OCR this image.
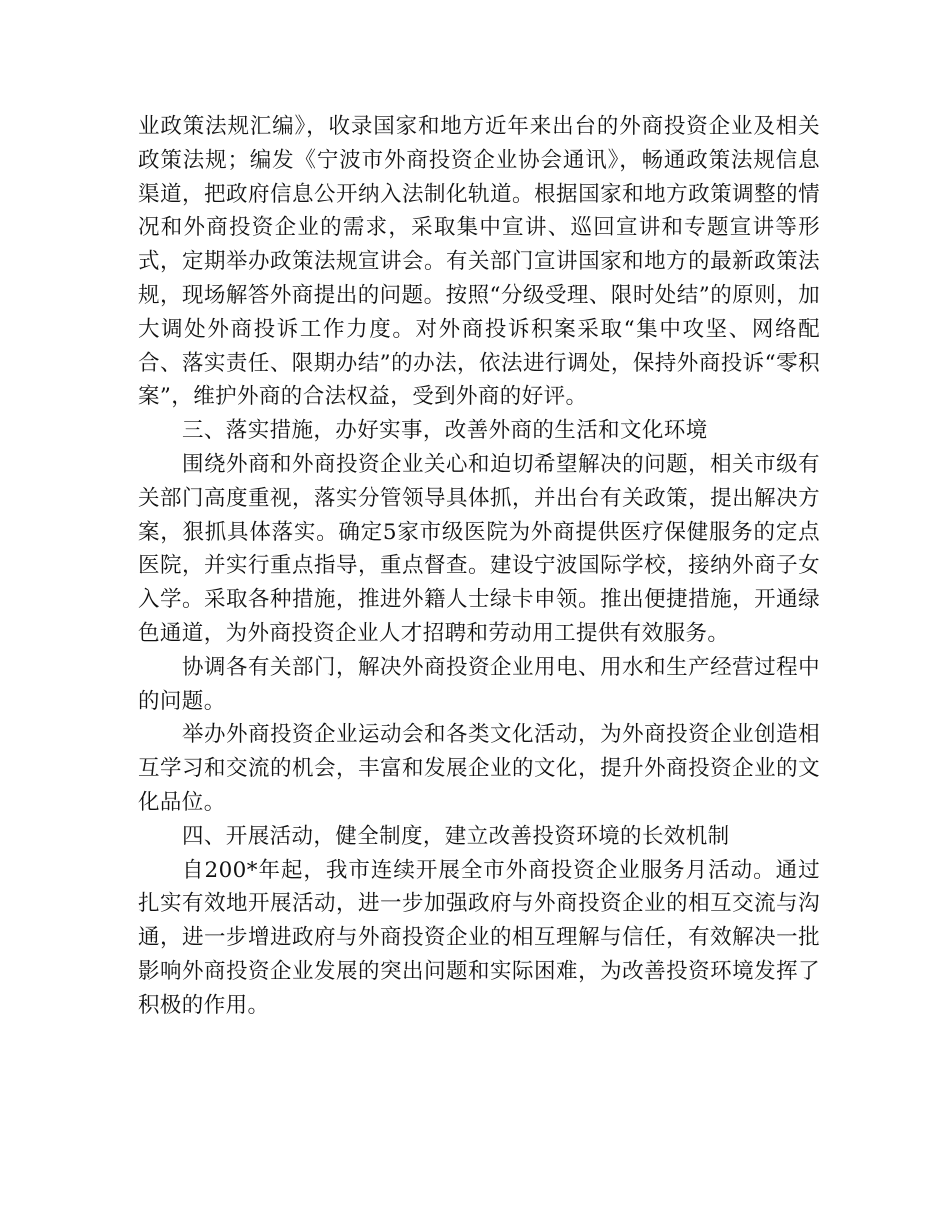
业政策法规汇编》，收录国家和地方近年来出台的外商投资企业及相关政策法规；编发《宁波市外商投资企业协会通讯》，畅通政策法规信息渠道，把政府信息公开纳入法制化轨道。根据国家和地方政策调整的情况和外商投资企业的需求，采取集中宣讲、巡回宣讲和专题宣讲等形式，定期举办政策法规宣讲会。有关部门宣讲国家和地方的最新政策法规，现场解答外商提出的问题。按照“分级受理、限时处结”的原则，加大调处外商投诉工作力度。对外商投诉积案采取“集中攻坚、网络配合、落实责任、限期办结”的办法，依法进行调处，保持外商投诉“零积案”，维护外商的合法权益，受到外商的好评。

三、落实措施，办好实事，改善外商的生活和文化环境

围绕外商和外商投资企业关心和迫切希望解决的问题，相关市级有关部门高度重视，落实分管领导具体抓，并出台有关政策，提出解决方案，狠抓具体落实。确定5家市级医院为外商提供医疗保健服务的定点医院，并实行重点指导，重点督查。建设宁波国际学校，接纳外商子女入学。采取各种措施，推进外籍人士绿卡申领。推出便捷措施，开通绿色通道，为外商投资企业人才招聘和劳动用工提供有效服务。

协调各有关部门，解决外商投资企业用电、用水和生产经营过程中的问题。

举办外商投资企业运动会和各类文化活动，为外商投资企业创造相互学习和交流的机会，丰富和发展企业的文化，提升外商投资企业的文化品位。

四、开展活动，健全制度，建立改善投资环境的长效机制

自200*年起，我市连续开展全市外商投资企业服务月活动。通过扎实有效地开展活动，进一步加强政府与外商投资企业的相互交流与沟通，进一步增进政府与外商投资企业的相互理解与信任，有效解决一批影响外商投资企业发展的突出问题和实际困难，为改善投资环境发挥了积极的作用。
